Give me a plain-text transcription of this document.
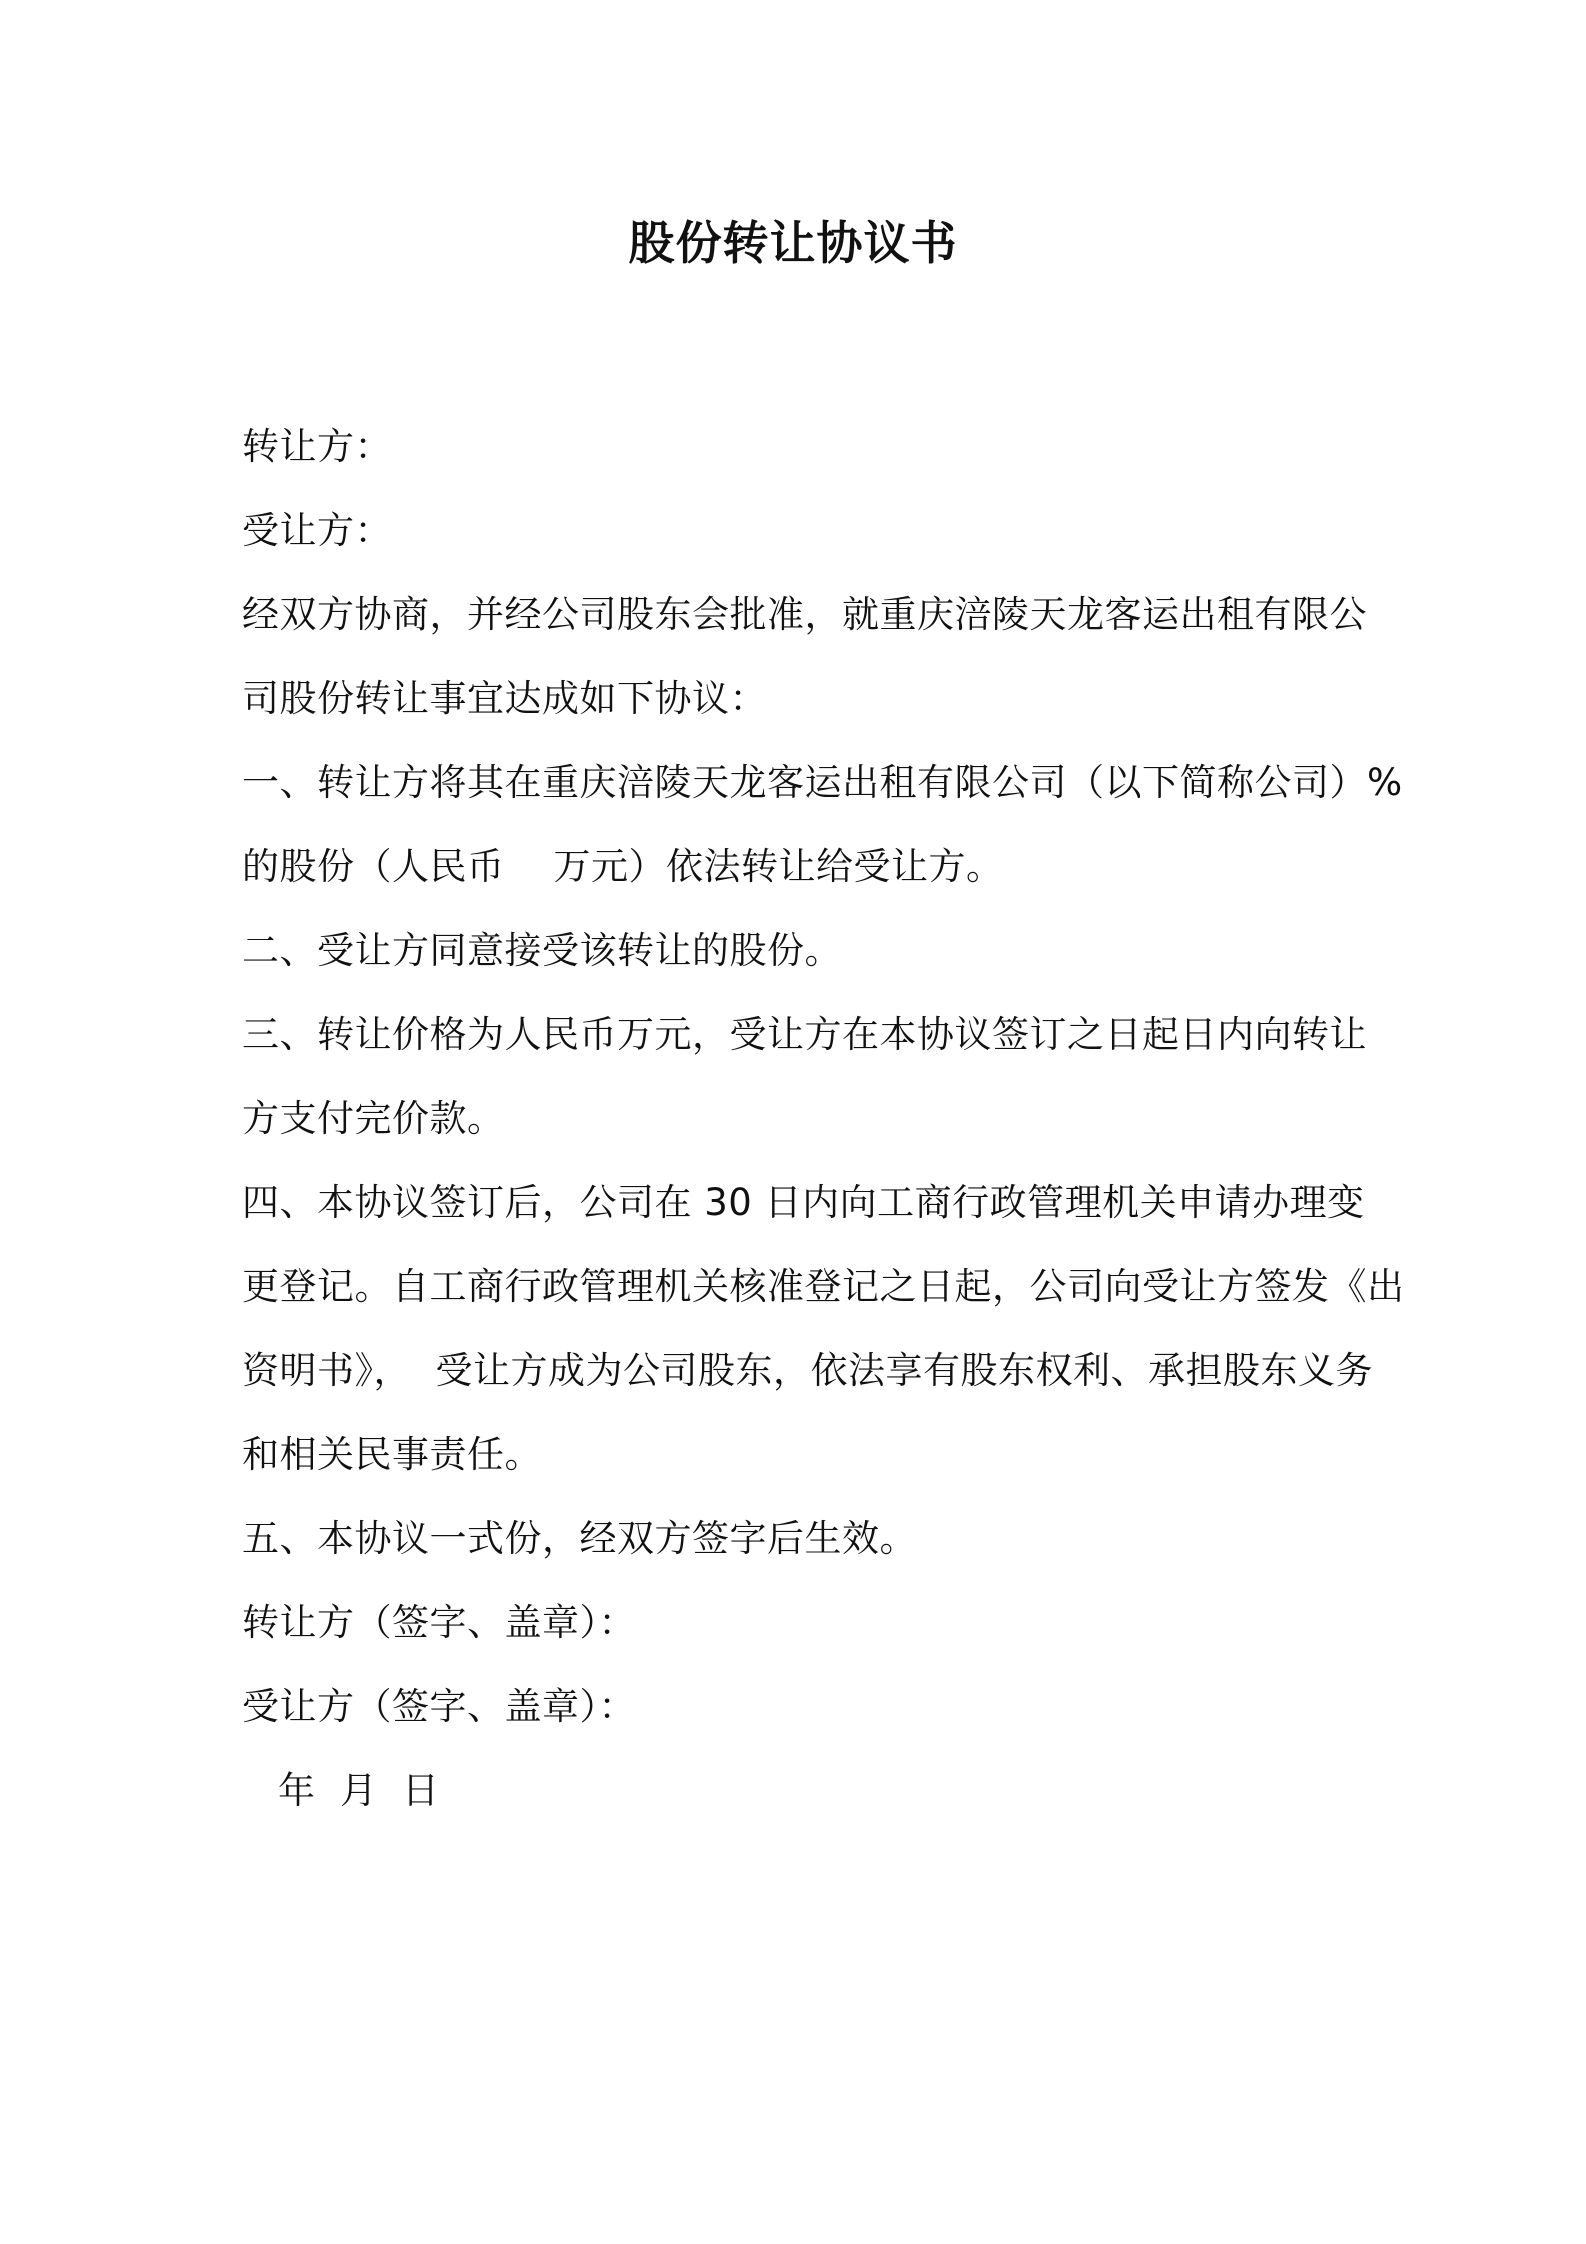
股份转让协议书
转让方：
受让方：
经双方协商，并经公司股东会批准，就重庆涪陵天龙客运出租有限公
司股份转让事宜达成如下协议：
一、转让方将其在重庆涪陵天龙客运出租有限公司（以下简称公司）%
的股份（人民币    万元）依法转让给受让方。
二、受让方同意接受该转让的股份。
三、转让价格为人民币万元，受让方在本协议签订之日起日内向转让
方支付完价款。
四、本协议签订后，公司在 30 日内向工商行政管理机关申请办理变
更登记。自工商行政管理机关核准登记之日起，公司向受让方签发《出
资明书》，  受让方成为公司股东，依法享有股东权利、承担股东义务
和相关民事责任。
五、本协议一式份，经双方签字后生效。
转让方（签字、盖章）：
受让方（签字、盖章）：
年  月  日
